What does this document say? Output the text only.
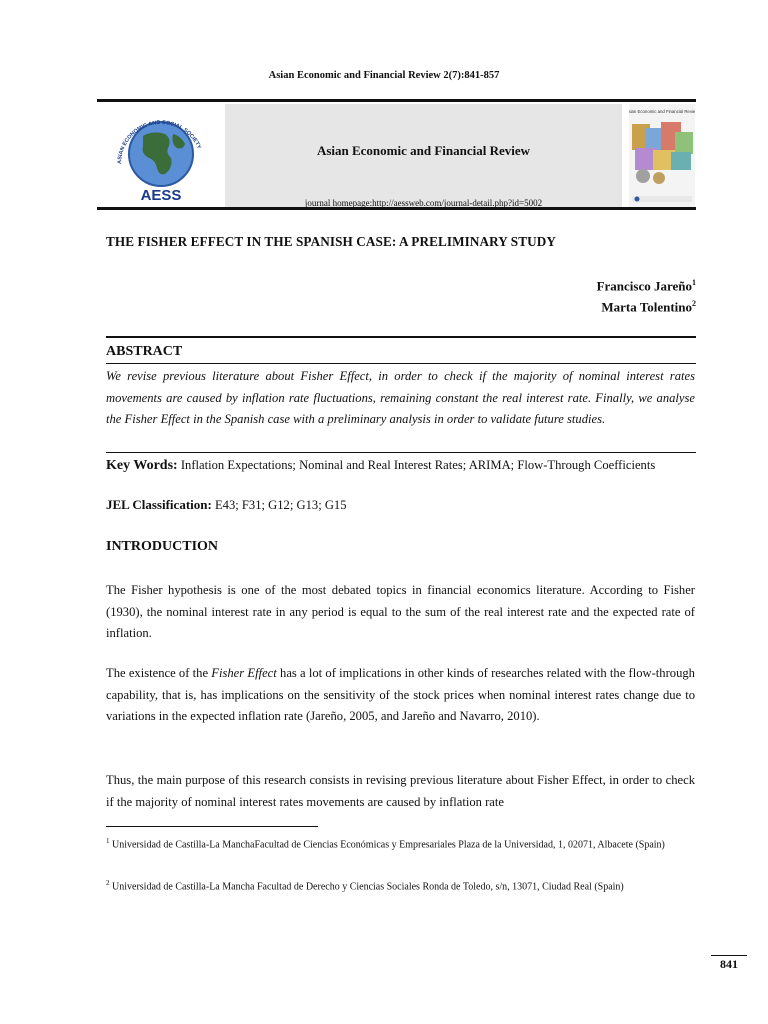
Asian Economic and Financial Review 2(7):841-857
ASIAN ECONOMIC AND SOCIAL SOCIETY
AESS
Asian Economic and Financial Review
journal homepage:http://aessweb.com/journal-detail.php?id=5002
Asian Economic and Financial Review
THE FISHER EFFECT IN THE SPANISH CASE: A PRELIMINARY STUDY
Francisco Jareño$^1$
Marta Tolentino$^2$
ABSTRACT
We revise previous literature about Fisher Effect, in order to check if the majority of nominal interest rates movements are caused by inflation rate fluctuations, remaining constant the real interest rate. Finally, we analyse the Fisher Effect in the Spanish case with a preliminary analysis in order to validate future studies.
Key Words: Inflation Expectations; Nominal and Real Interest Rates; ARIMA; Flow-Through Coefficients
JEL Classification: E43; F31; G12; G13; G15
INTRODUCTION
The Fisher hypothesis is one of the most debated topics in financial economics literature. According to Fisher (1930), the nominal interest rate in any period is equal to the sum of the real interest rate and the expected rate of inflation.
The existence of the Fisher Effect has a lot of implications in other kinds of researches related with the flow-through capability, that is, has implications on the sensitivity of the stock prices when nominal interest rates change due to variations in the expected inflation rate (Jareño, 2005, and Jareño and Navarro, 2010).
Thus, the main purpose of this research consists in revising previous literature about Fisher Effect, in order to check if the majority of nominal interest rates movements are caused by inflation rate
$^1$ Universidad de Castilla-La ManchaFacultad de Ciencias Económicas y Empresariales Plaza de la Universidad, 1, 02071, Albacete (Spain)
$^2$ Universidad de Castilla-La Mancha Facultad de Derecho y Ciencias Sociales Ronda de Toledo, s/n, 13071, Ciudad Real (Spain)
841
